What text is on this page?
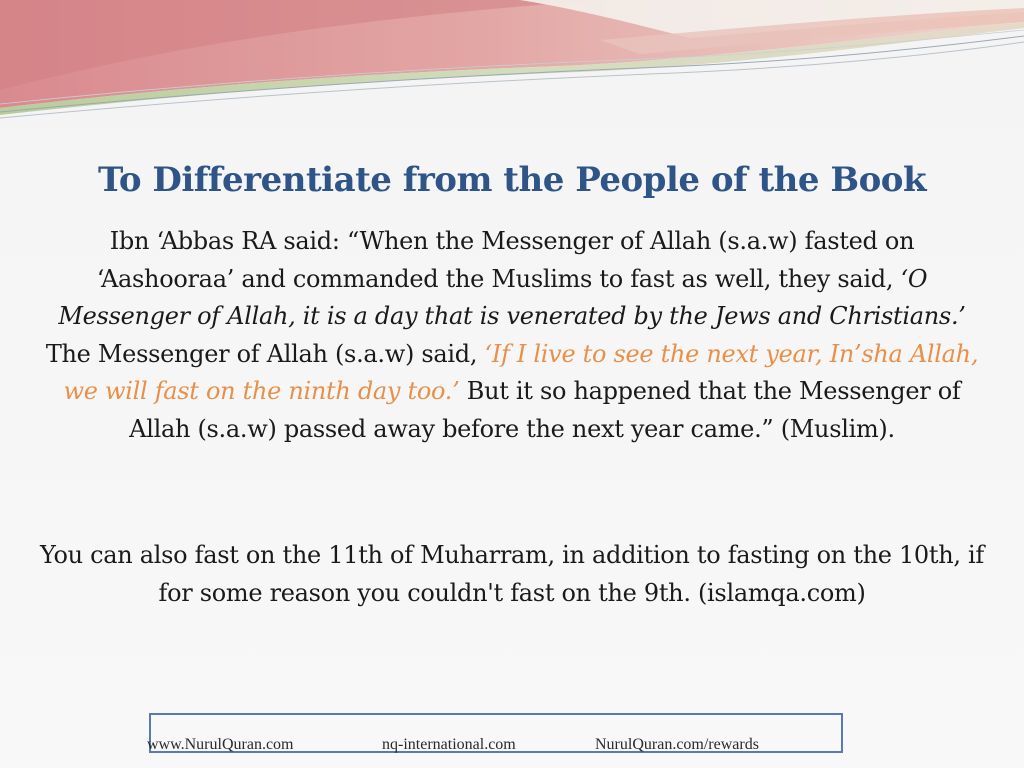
To Differentiate from the People of the Book

Ibn ‘Abbas RA said: “When the Messenger of Allah (s.a.w) fasted on ‘Aashooraa’ and commanded the Muslims to fast as well, they said, ‘O Messenger of Allah, it is a day that is venerated by the Jews and Christians.’ The Messenger of Allah (s.a.w) said, ‘If I live to see the next year, In’sha Allah, we will fast on the ninth day too.’ But it so happened that the Messenger of Allah (s.a.w) passed away before the next year came.” (Muslim).

You can also fast on the 11th of Muharram, in addition to fasting on the 10th, if for some reason you couldn't fast on the 9th. (islamqa.com)

www.NurulQuran.com	nq-international.com	NurulQuran.com/rewards
